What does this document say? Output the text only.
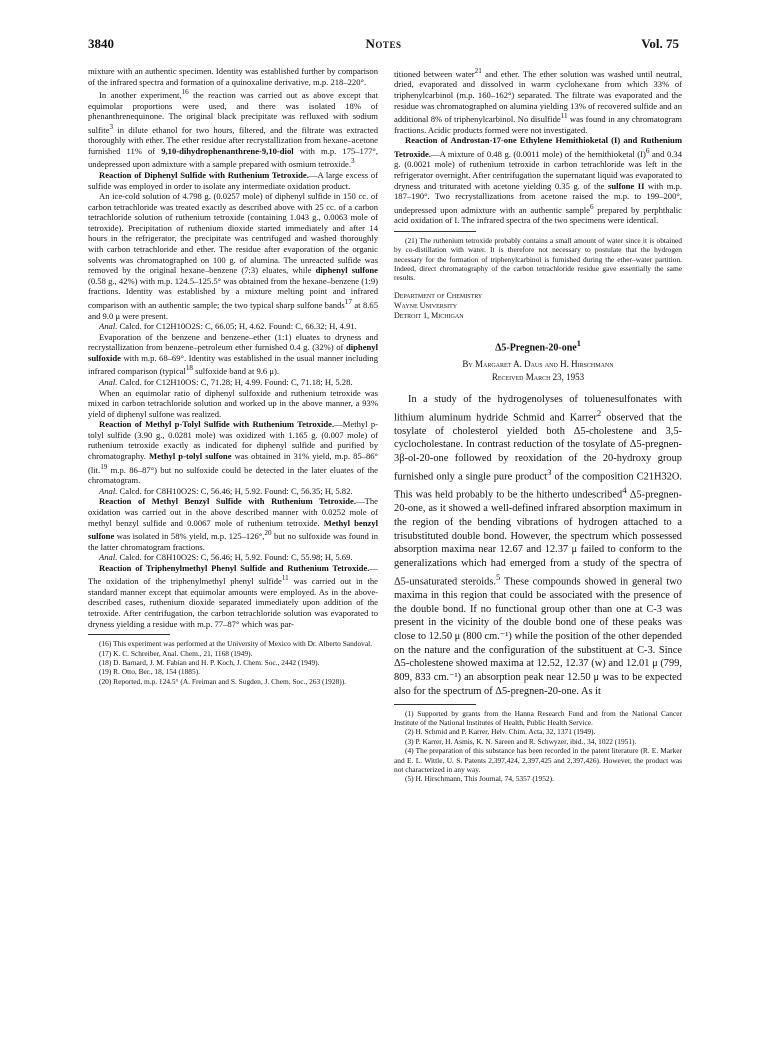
3840	Notes	Vol. 75

mixture with an authentic specimen. Identity was established further by comparison of the infrared spectra and formation of a quinoxaline derivative, m.p. 218–220°.

In another experiment,$^{16}$ the reaction was carried out as above except that equimolar proportions were used, and there was isolated 18% of phenanthrenequinone. The original black precipitate was refluxed with sodium sulfite$^3$ in dilute ethanol for two hours, filtered, and the filtrate was extracted thoroughly with ether. The ether residue after recrystallization from hexane–acetone furnished 11% of 9,10-dihydrophenanthrene-9,10-diol with m.p. 175–177°, undepressed upon admixture with a sample prepared with osmium tetroxide.$^3$

Reaction of Diphenyl Sulfide with Ruthenium Tetroxide.—A large excess of sulfide was employed in order to isolate any intermediate oxidation product.

An ice-cold solution of 4.798 g. (0.0257 mole) of diphenyl sulfide in 150 cc. of carbon tetrachloride was treated exactly as described above with 25 cc. of a carbon tetrachloride solution of ruthenium tetroxide (containing 1.043 g., 0.0063 mole of tetroxide). Precipitation of ruthenium dioxide started immediately and after 14 hours in the refrigerator, the precipitate was centrifuged and washed thoroughly with carbon tetrachloride and ether. The residue after evaporation of the organic solvents was chromatographed on 100 g. of alumina. The unreacted sulfide was removed by the original hexane–benzene (7:3) eluates, while diphenyl sulfone (0.58 g., 42%) with m.p. 124.5–125.5° was obtained from the hexane–benzene (1:9) fractions. Identity was established by a mixture melting point and infrared comparison with an authentic sample; the two typical sharp sulfone bands$^{17}$ at 8.65 and 9.0 μ were present.

Anal. Calcd. for C12H10O2S: C, 66.05; H, 4.62. Found: C, 66.32; H, 4.91.

Evaporation of the benzene and benzene–ether (1:1) eluates to dryness and recrystallization from benzene–petroleum ether furnished 0.4 g. (32%) of diphenyl sulfoxide with m.p. 68–69°. Identity was established in the usual manner including infrared comparison (typical$^{18}$ sulfoxide band at 9.6 μ).

Anal. Calcd. for C12H10OS: C, 71.28; H, 4.99. Found: C, 71.18; H, 5.28.

When an equimolar ratio of diphenyl sulfoxide and ruthenium tetroxide was mixed in carbon tetrachloride solution and worked up in the above manner, a 93% yield of diphenyl sulfone was realized.

Reaction of Methyl p-Tolyl Sulfide with Ruthenium Tetroxide.—Methyl p-tolyl sulfide (3.90 g., 0.0281 mole) was oxidized with 1.165 g. (0.007 mole) of ruthenium tetroxide exactly as indicated for diphenyl sulfide and purified by chromatography. Methyl p-tolyl sulfone was obtained in 31% yield, m.p. 85–86° (lit.$^{19}$ m.p. 86–87°) but no sulfoxide could be detected in the later eluates of the chromatogram.

Anal. Calcd. for C8H10O2S: C, 56.46; H, 5.92. Found: C, 56.35; H, 5.82.

Reaction of Methyl Benzyl Sulfide with Ruthenium Tetroxide.—The oxidation was carried out in the above described manner with 0.0252 mole of methyl benzyl sulfide and 0.0067 mole of ruthenium tetroxide. Methyl benzyl sulfone was isolated in 58% yield, m.p. 125–126°,$^{20}$ but no sulfoxide was found in the latter chromatogram fractions.

Anal. Calcd. for C8H10O2S: C, 56.46; H, 5.92. Found: C, 55.98; H, 5.69.

Reaction of Triphenylmethyl Phenyl Sulfide and Ruthenium Tetroxide.—The oxidation of the triphenylmethyl phenyl sulfide$^{11}$ was carried out in the standard manner except that equimolar amounts were employed. As in the above-described cases, ruthenium dioxide separated immediately upon addition of the tetroxide. After centrifugation, the carbon tetrachloride solution was evaporated to dryness yielding a residue with m.p. 77–87° which was par-

(16) This experiment was performed at the University of Mexico with Dr. Alberto Sandoval.

(17) K. C. Schreiber, Anal. Chem., 21, 1168 (1949).

(18) D. Barnard, J. M. Fabian and H. P. Koch, J. Chem. Soc., 2442 (1949).

(19) R. Otto, Ber., 18, 154 (1885).

(20) Reported, m.p. 124.5° (A. Freiman and S. Sugden, J. Chem. Soc., 263 (1928)).

titioned between water$^{21}$ and ether. The ether solution was washed until neutral, dried, evaporated and dissolved in warm cyclohexane from which 33% of triphenylcarbinol (m.p. 160–162°) separated. The filtrate was evaporated and the residue was chromatographed on alumina yielding 13% of recovered sulfide and an additional 8% of triphenylcarbinol. No disulfide$^{11}$ was found in any chromatogram fractions. Acidic products formed were not investigated.

Reaction of Androstan-17-one Ethylene Hemithioketal (I) and Ruthenium Tetroxide.—A mixture of 0.48 g. (0.0011 mole) of the hemithioketal $(I)^6$ and 0.34 g. (0.0021 mole) of ruthenium tetroxide in carbon tetrachloride was left in the refrigerator overnight. After centrifugation the supernatant liquid was evaporated to dryness and triturated with acetone yielding 0.35 g. of the sulfone II with m.p. 187–190°. Two recrystallizations from acetone raised the m.p. to 199–200°, undepressed upon admixture with an authentic sample$^6$ prepared by perphthalic acid oxidation of I. The infrared spectra of the two specimens were identical.

(21) The ruthenium tetroxide probably contains a small amount of water since it is obtained by co-distillation with water. It is therefore not necessary to postulate that the hydrogen necessary for the formation of triphenylcarbinol is furnished during the ether–water partition. Indeed, direct chromatography of the carbon tetrachloride residue gave essentially the same results.

Department of Chemistry
Wayne University
Detroit 1, Michigan
Δ5-Pregnen-20-one$^1$
By Margaret A. Daus and H. Hirschmann
Received March 23, 1953

In a study of the hydrogenolyses of toluenesulfonates with lithium aluminum hydride Schmid and Karrer$^2$ observed that the tosylate of cholesterol yielded both Δ5-cholestene and 3,5-cyclocholestane. In contrast reduction of the tosylate of Δ5-pregnen-3β-ol-20-one followed by reoxidation of the 20-hydroxy group furnished only a single pure product$^3$ of the composition C21H32O. This was held probably to be the hitherto undescribed$^4$ Δ5-pregnen-20-one, as it showed a well-defined infrared absorption maximum in the region of the bending vibrations of hydrogen attached to a trisubstituted double bond. However, the spectrum which possessed absorption maxima near 12.67 and 12.37 μ failed to conform to the generalizations which had emerged from a study of the spectra of Δ5-unsaturated steroids.$^5$ These compounds showed in general two maxima in this region that could be associated with the presence of the double bond. If no functional group other than one at C-3 was present in the vicinity of the double bond one of these peaks was close to 12.50 μ (800 cm.⁻¹) while the position of the other depended on the nature and the configuration of the substituent at C-3. Since Δ5-cholestene showed maxima at 12.52, 12.37 (w) and 12.01 μ (799, 809, 833 cm.⁻¹) an absorption peak near 12.50 μ was to be expected also for the spectrum of Δ5-pregnen-20-one. As it

(1) Supported by grants from the Hanna Research Fund and from the National Cancer Institute of the National Institutes of Health, Public Health Service.

(2) H. Schmid and P. Karrer, Helv. Chim. Acta, 32, 1371 (1949).

(3) P. Karrer, H. Asmis, K. N. Sareen and R. Schwyzer, ibid., 34, 1022 (1951).

(4) The preparation of this substance has been recorded in the patent literature (R. E. Marker and E. L. Wittle, U. S. Patents 2,397,424, 2,397,425 and 2,397,426). However, the product was not characterized in any way.

(5) H. Hirschmann, This Journal, 74, 5357 (1952).
